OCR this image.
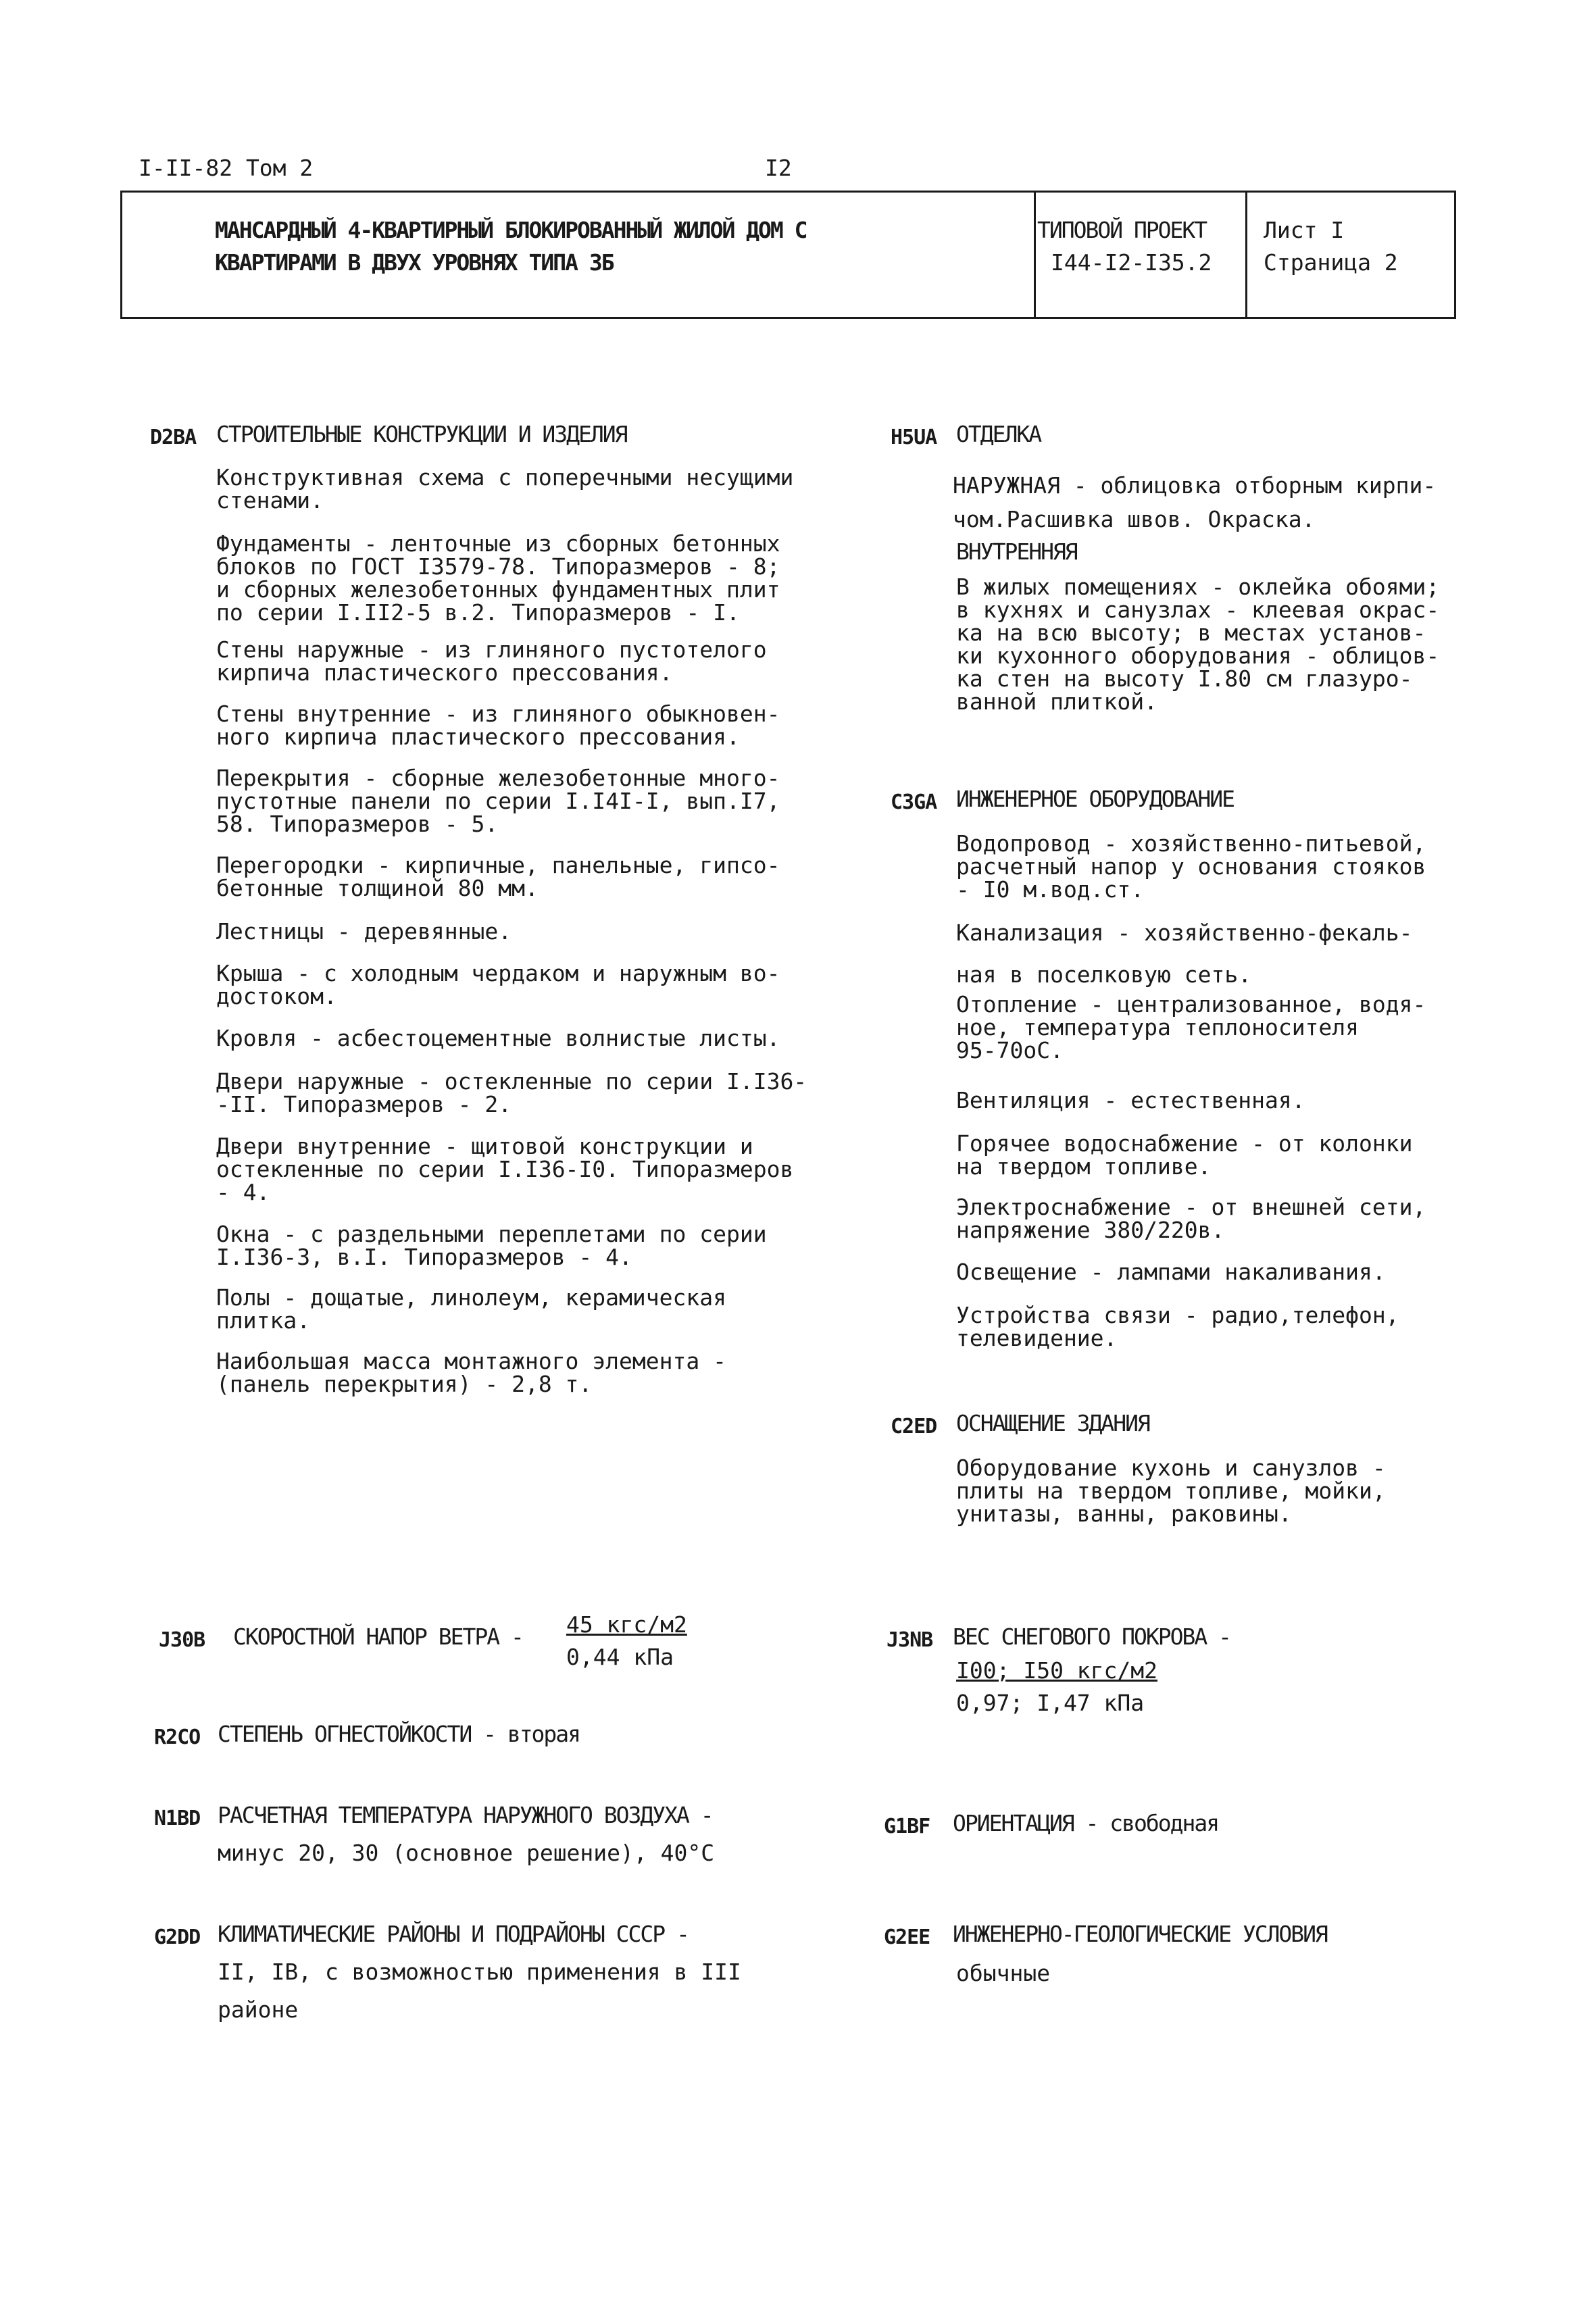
I-II-82 Том 2	I2
МАНСАРДНЫЙ 4-КВАРТИРНЫЙ БЛОКИРОВАННЫЙ ЖИЛОЙ ДОМ С
КВАРТИРАМИ В ДВУХ УРОВНЯХ ТИПА 3Б
ТИПОВОЙ ПРОЕКТ
I44-I2-I35.2
Лист I
Страница 2
D2BA СТРОИТЕЛЬНЫЕ КОНСТРУКЦИИ И ИЗДЕЛИЯ
Конструктивная схема с поперечными несущими
стенами.
Фундаменты - ленточные из сборных бетонных
блоков по ГОСТ I3579-78. Типоразмеров - 8;
и сборных железобетонных фундаментных плит
по серии I.II2-5 в.2. Типоразмеров - I.
Стены наружные - из глиняного пустотелого
кирпича пластического прессования.
Стены внутренние - из глиняного обыкновен-
ного кирпича пластического прессования.
Перекрытия - сборные железобетонные много-
пустотные панели по серии I.I4I-I, вып.I7,
58. Типоразмеров - 5.
Перегородки - кирпичные, панельные, гипсо-
бетонные толщиной 80 мм.
Лестницы - деревянные.
Крыша - с холодным чердаком и наружным во-
достоком.
Кровля - асбестоцементные волнистые листы.
Двери наружные - остекленные по серии I.I36-
-II. Типоразмеров - 2.
Двери внутренние - щитовой конструкции и
остекленные по серии I.I36-I0. Типоразмеров
- 4.
Окна - с раздельными переплетами по серии
I.I36-3, в.I. Типоразмеров - 4.
Полы - дощатые, линолеум, керамическая
плитка.
Наибольшая масса монтажного элемента -
(панель перекрытия) - 2,8 т.
H5UA ОТДЕЛКА
НАРУЖНАЯ - облицовка отборным кирпи-
чом.Расшивка швов. Окраска.
ВНУТРЕННЯЯ
В жилых помещениях - оклейка обоями;
в кухнях и санузлах - клеевая окрас-
ка на всю высоту; в местах установ-
ки кухонного оборудования - облицов-
ка стен на высоту I.80 см глазуро-
ванной плиткой.
C3GA ИНЖЕНЕРНОЕ ОБОРУДОВАНИЕ
Водопровод - хозяйственно-питьевой,
расчетный напор у основания стояков
- I0 м.вод.ст.
Канализация - хозяйственно-фекаль-
ная в поселковую сеть.
Отопление - централизованное, водя-
ное, температура теплоносителя
95-70оС.
Вентиляция - естественная.
Горячее водоснабжение - от колонки
на твердом топливе.
Электроснабжение - от внешней сети,
напряжение 380/220в.
Освещение - лампами накаливания.
Устройства связи - радио,телефон,
телевидение.
C2ED ОСНАЩЕНИЕ ЗДАНИЯ
Оборудование кухонь и санузлов -
плиты на твердом топливе, мойки,
унитазы, ванны, раковины.
J30B СКОРОСТНОЙ НАПОР ВЕТРА - 45 кгс/м2
0,44 кПа
J3NB ВЕС СНЕГОВОГО ПОКРОВА -
I00; I50 кгс/м2
0,97; I,47 кПа
R2CO СТЕПЕНЬ ОГНЕСТОЙКОСТИ - вторая
N1BD РАСЧЕТНАЯ ТЕМПЕРАТУРА НАРУЖНОГО ВОЗДУХА -
минус 20, 30 (основное решение), 40°С
G1BF ОРИЕНТАЦИЯ - свободная
G2DD КЛИМАТИЧЕСКИЕ РАЙОНЫ И ПОДРАЙОНЫ СССР -
II, IВ, с возможностью применения в III
районе
G2EE ИНЖЕНЕРНО-ГЕОЛОГИЧЕСКИЕ УСЛОВИЯ
обычные
